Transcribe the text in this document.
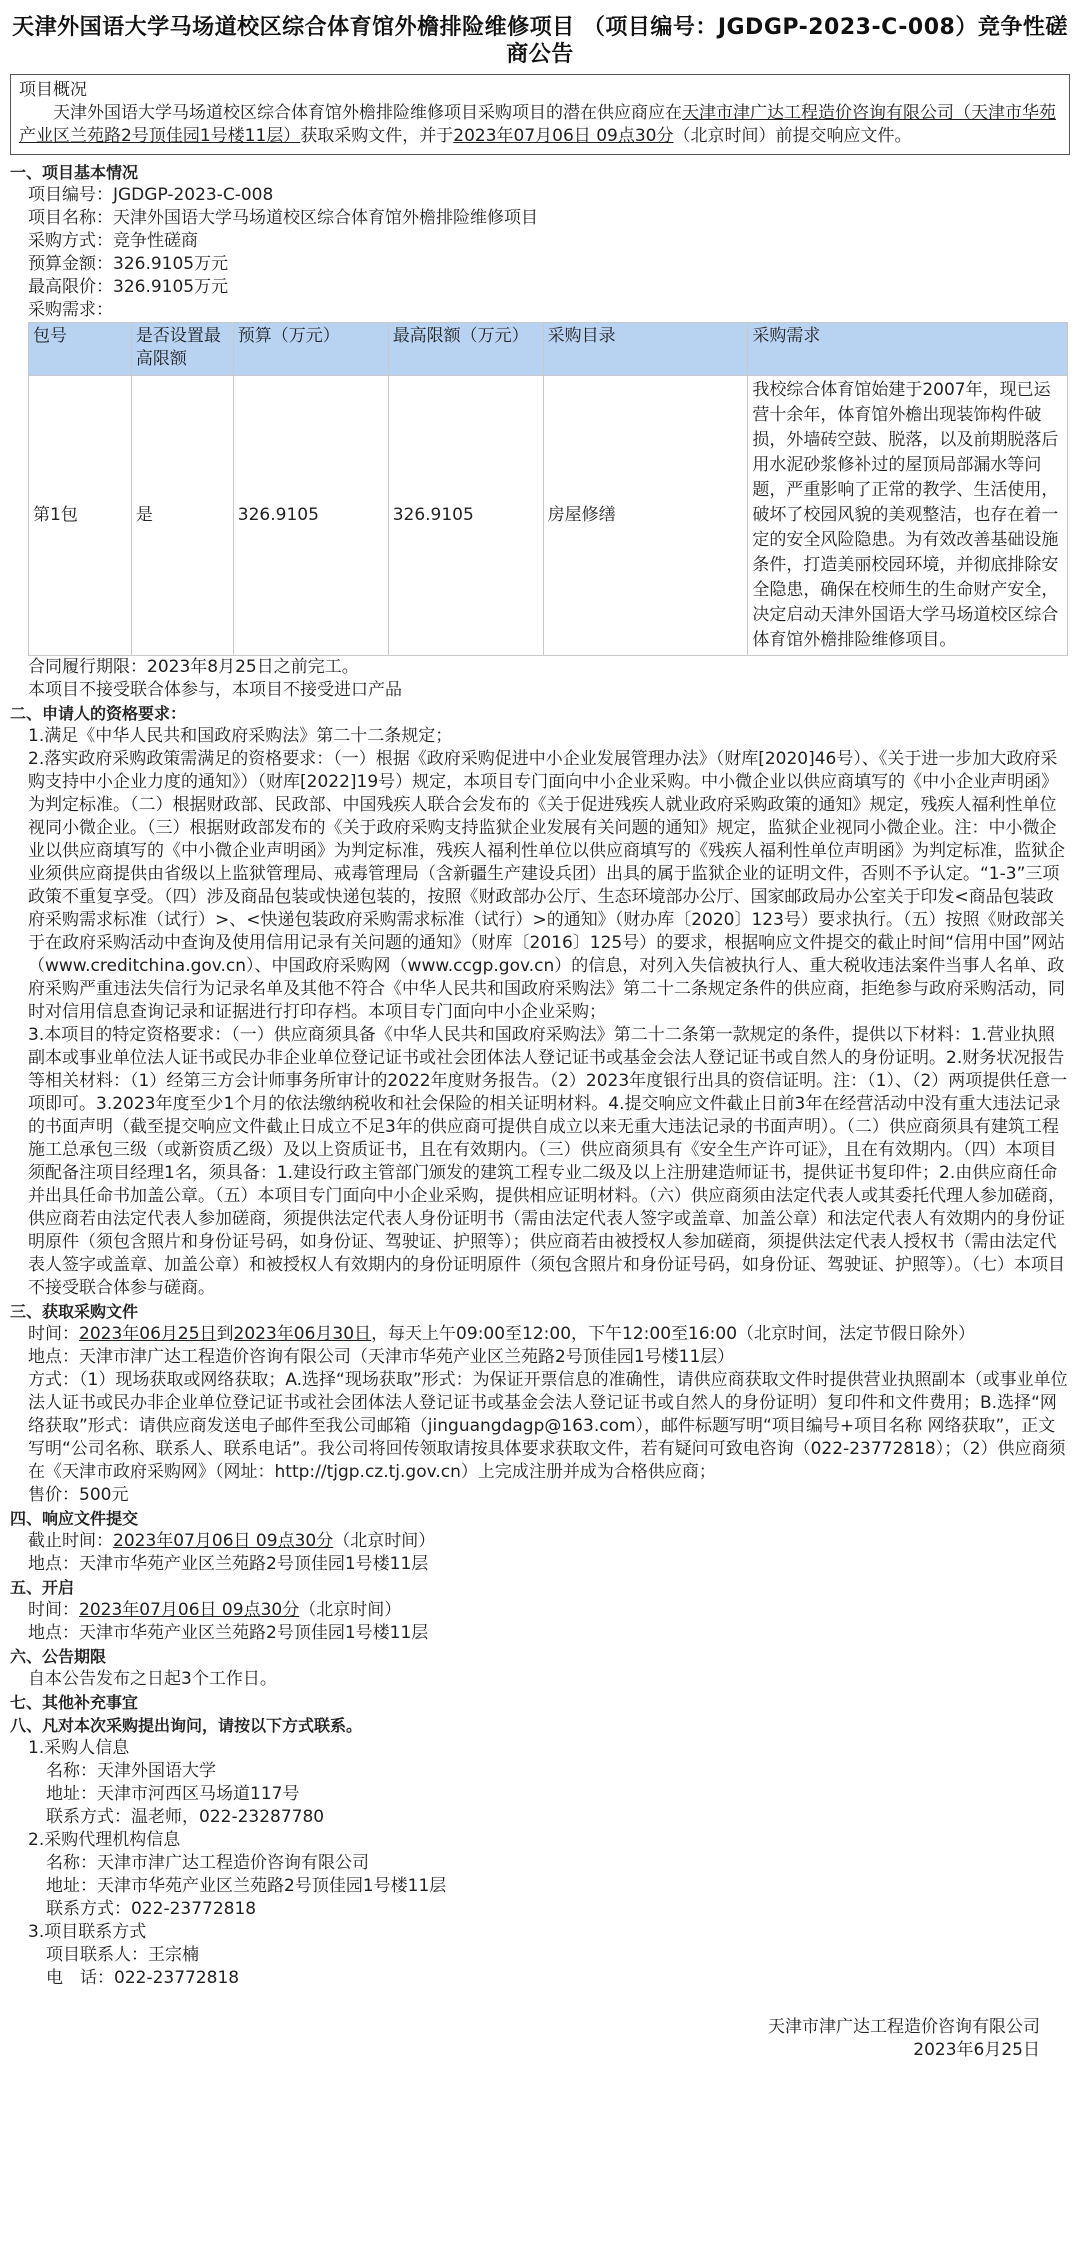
天津外国语大学马场道校区综合体育馆外檐排险维修项目 （项目编号：JGDGP-2023-C-008）竞争性磋商公告
项目概况

天津外国语大学马场道校区综合体育馆外檐排险维修项目采购项目的潜在供应商应在天津市津广达工程造价咨询有限公司（天津市华苑产业区兰苑路2号顶佳园1号楼11层）获取采购文件，并于2023年07月06日 09点30分（北京时间）前提交响应文件。

一、项目基本情况
项目编号：JGDGP-2023-C-008
项目名称：天津外国语大学马场道校区综合体育馆外檐排险维修项目
采购方式：竞争性磋商
预算金额：326.9105万元
最高限价：326.9105万元
采购需求：
包号	是否设置最高限额	预算（万元）	最高限额（万元）	采购目录	采购需求
第1包	是	326.9105	326.9105	房屋修缮	我校综合体育馆始建于2007年，现已运营十余年，体育馆外檐出现装饰构件破损，外墙砖空鼓、脱落，以及前期脱落后用水泥砂浆修补过的屋顶局部漏水等问题，严重影响了正常的教学、生活使用，破坏了校园风貌的美观整洁，也存在着一定的安全风险隐患。为有效改善基础设施条件，打造美丽校园环境，并彻底排除安全隐患，确保在校师生的生命财产安全，决定启动天津外国语大学马场道校区综合体育馆外檐排险维修项目。
合同履行期限：2023年8月25日之前完工。
本项目不接受联合体参与，本项目不接受进口产品
二、申请人的资格要求：
1.满足《中华人民共和国政府采购法》第二十二条规定；
2.落实政府采购政策需满足的资格要求：（一）根据《政府采购促进中小企业发展管理办法》（财库[2020]46号）、《关于进一步加大政府采购支持中小企业力度的通知》）（财库[2022]19号）规定，本项目专门面向中小企业采购。中小微企业以供应商填写的《中小企业声明函》为判定标准。（二）根据财政部、民政部、中国残疾人联合会发布的《关于促进残疾人就业政府采购政策的通知》规定，残疾人福利性单位视同小微企业。（三）根据财政部发布的《关于政府采购支持监狱企业发展有关问题的通知》规定，监狱企业视同小微企业。注：中小微企业以供应商填写的《中小微企业声明函》为判定标准，残疾人福利性单位以供应商填写的《残疾人福利性单位声明函》为判定标准，监狱企业须供应商提供由省级以上监狱管理局、戒毒管理局（含新疆生产建设兵团）出具的属于监狱企业的证明文件，否则不予认定。“1-3”三项政策不重复享受。（四）涉及商品包装或快递包装的，按照《财政部办公厅、生态环境部办公厅、国家邮政局办公室关于印发<商品包装政府采购需求标准（试行）>、<快递包装政府采购需求标准（试行）>的通知》（财办库〔2020〕123号）要求执行。（五）按照《财政部关于在政府采购活动中查询及使用信用记录有关问题的通知》（财库〔2016〕125号）的要求，根据响应文件提交的截止时间“信用中国”网站（www.creditchina.gov.cn）、中国政府采购网（www.ccgp.gov.cn）的信息，对列入失信被执行人、重大税收违法案件当事人名单、政府采购严重违法失信行为记录名单及其他不符合《中华人民共和国政府采购法》第二十二条规定条件的供应商，拒绝参与政府采购活动，同时对信用信息查询记录和证据进行打印存档。本项目专门面向中小企业采购；
3.本项目的特定资格要求：（一）供应商须具备《中华人民共和国政府采购法》第二十二条第一款规定的条件，提供以下材料：1.营业执照副本或事业单位法人证书或民办非企业单位登记证书或社会团体法人登记证书或基金会法人登记证书或自然人的身份证明。2.财务状况报告等相关材料：（1）经第三方会计师事务所审计的2022年度财务报告。（2）2023年度银行出具的资信证明。注：（1）、（2）两项提供任意一项即可。3.2023年度至少1个月的依法缴纳税收和社会保险的相关证明材料。4.提交响应文件截止日前3年在经营活动中没有重大违法记录的书面声明（截至提交响应文件截止日成立不足3年的供应商可提供自成立以来无重大违法记录的书面声明）。（二）供应商须具有建筑工程施工总承包三级（或新资质乙级）及以上资质证书，且在有效期内。（三）供应商须具有《安全生产许可证》，且在有效期内。（四）本项目须配备注项目经理1名，须具备：1.建设行政主管部门颁发的建筑工程专业二级及以上注册建造师证书，提供证书复印件；2.由供应商任命并出具任命书加盖公章。（五）本项目专门面向中小企业采购，提供相应证明材料。（六）供应商须由法定代表人或其委托代理人参加磋商，供应商若由法定代表人参加磋商，须提供法定代表人身份证明书（需由法定代表人签字或盖章、加盖公章）和法定代表人有效期内的身份证明原件（须包含照片和身份证号码，如身份证、驾驶证、护照等）；供应商若由被授权人参加磋商，须提供法定代表人授权书（需由法定代表人签字或盖章、加盖公章）和被授权人有效期内的身份证明原件（须包含照片和身份证号码，如身份证、驾驶证、护照等）。（七）本项目不接受联合体参与磋商。
三、获取采购文件
时间：2023年06月25日到2023年06月30日，每天上午09:00至12:00，下午12:00至16:00（北京时间，法定节假日除外）
地点：天津市津广达工程造价咨询有限公司（天津市华苑产业区兰苑路2号顶佳园1号楼11层）
方式：（1）现场获取或网络获取；A.选择“现场获取”形式：为保证开票信息的准确性，请供应商获取文件时提供营业执照副本（或事业单位法人证书或民办非企业单位登记证书或社会团体法人登记证书或基金会法人登记证书或自然人的身份证明）复印件和文件费用；B.选择“网络获取”形式：请供应商发送电子邮件至我公司邮箱（jinguangdagp@163.com），邮件标题写明“项目编号+项目名称 网络获取”，正文写明“公司名称、联系人、联系电话”。我公司将回传领取请按具体要求获取文件，若有疑问可致电咨询（022-23772818）；（2）供应商须在《天津市政府采购网》（网址：http://tjgp.cz.tj.gov.cn）上完成注册并成为合格供应商；
售价：500元
四、响应文件提交
截止时间：2023年07月06日 09点30分（北京时间）
地点：天津市华苑产业区兰苑路2号顶佳园1号楼11层
五、开启
时间：2023年07月06日 09点30分（北京时间）
地点：天津市华苑产业区兰苑路2号顶佳园1号楼11层
六、公告期限
自本公告发布之日起3个工作日。
七、其他补充事宜
八、凡对本次采购提出询问，请按以下方式联系。
1.采购人信息
名称：天津外国语大学
地址：天津市河西区马场道117号
联系方式：温老师，022-23287780
2.采购代理机构信息
名称：天津市津广达工程造价咨询有限公司
地址：天津市华苑产业区兰苑路2号顶佳园1号楼11层
联系方式：022-23772818
3.项目联系方式
项目联系人：王宗楠
电　话：022-23772818
天津市津广达工程造价咨询有限公司
2023年6月25日
